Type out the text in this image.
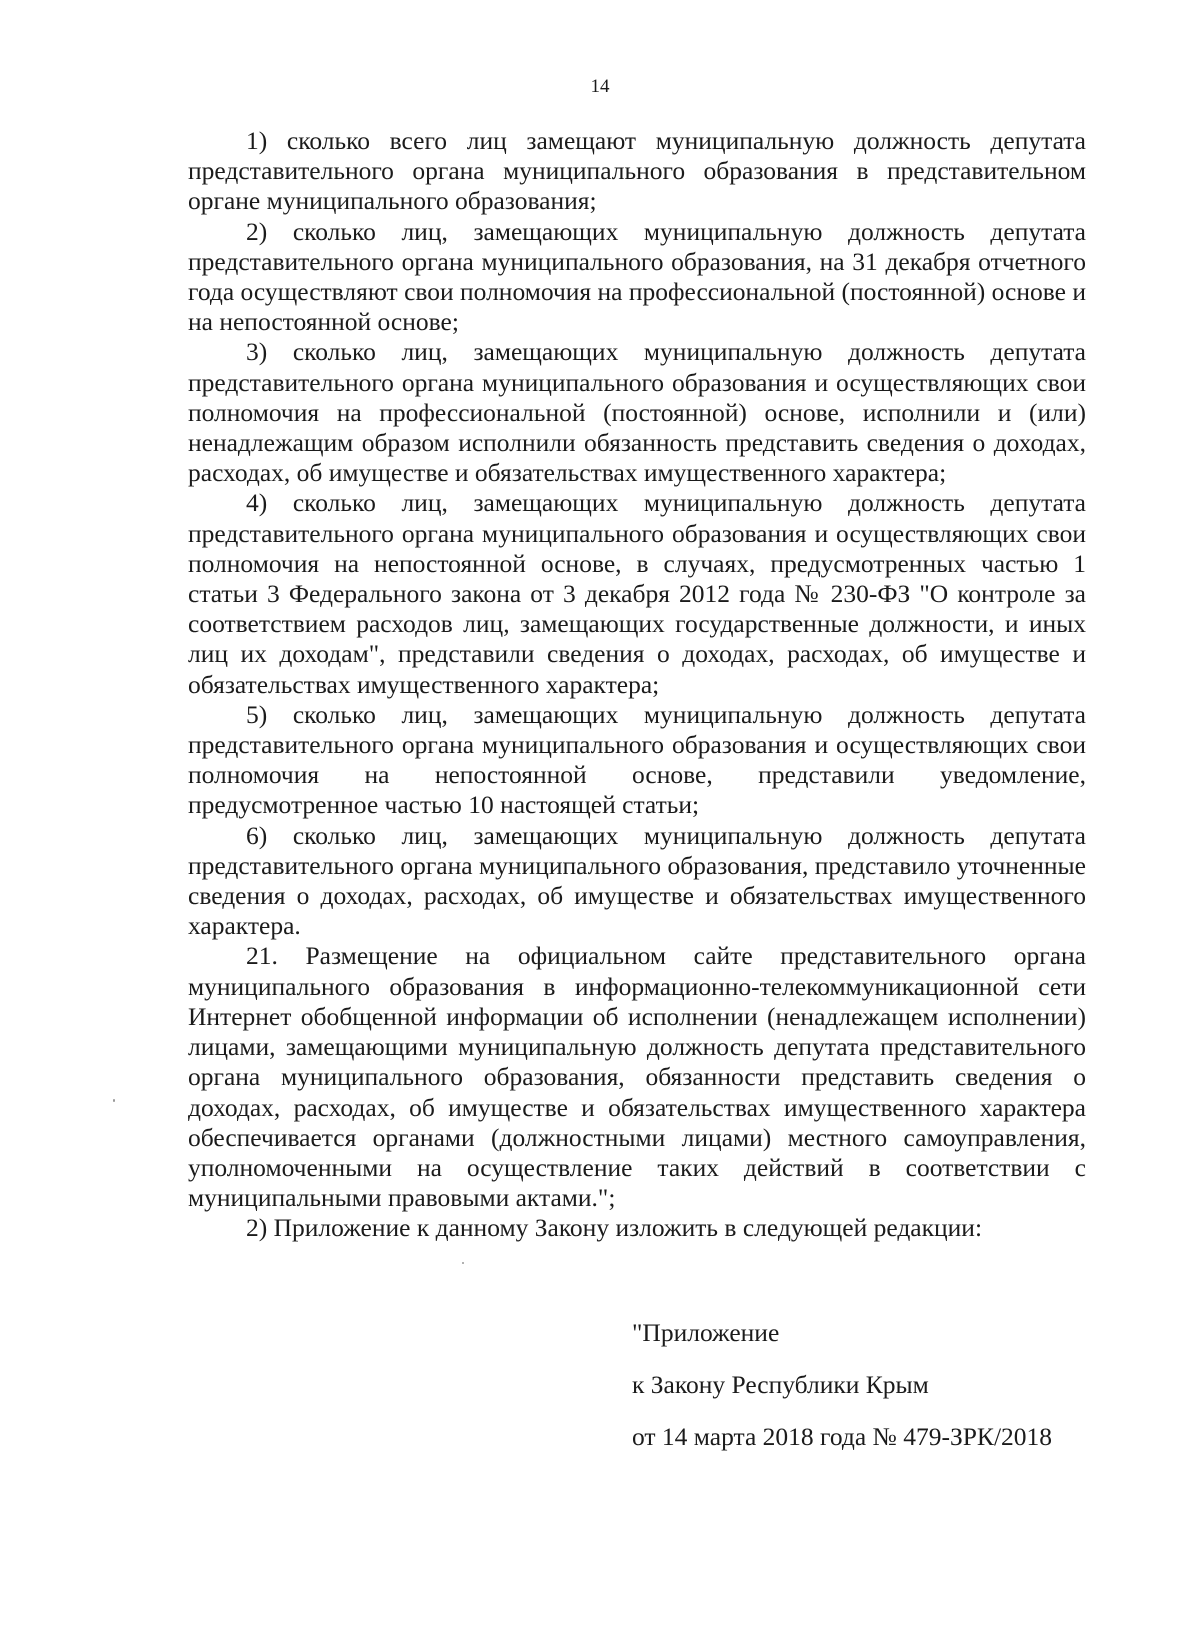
14

1) сколько всего лиц замещают муниципальную должность депутата представительного органа муниципального образования в представительном органе муниципального образования;

2) сколько лиц, замещающих муниципальную должность депутата представительного органа муниципального образования, на 31 декабря отчетного года осуществляют свои полномочия на профессиональной (постоянной) основе и на непостоянной основе;

3) сколько лиц, замещающих муниципальную должность депутата представительного органа муниципального образования и осуществляющих свои полномочия на профессиональной (постоянной) основе, исполнили и (или) ненадлежащим образом исполнили обязанность представить сведения о доходах, расходах, об имуществе и обязательствах имущественного характера;

4) сколько лиц, замещающих муниципальную должность депутата представительного органа муниципального образования и осуществляющих свои полномочия на непостоянной основе, в случаях, предусмотренных частью 1 статьи 3 Федерального закона от 3 декабря 2012 года № 230-ФЗ "О контроле за соответствием расходов лиц, замещающих государственные должности, и иных лиц их доходам", представили сведения о доходах, расходах, об имуществе и обязательствах имущественного характера;

5) сколько лиц, замещающих муниципальную должность депутата представительного органа муниципального образования и осуществляющих свои полномочия на непостоянной основе, представили уведомление, предусмотренное частью 10 настоящей статьи;

6) сколько лиц, замещающих муниципальную должность депутата представительного органа муниципального образования, представило уточненные сведения о доходах, расходах, об имуществе и обязательствах имущественного характера.

21. Размещение на официальном сайте представительного органа муниципального образования в информационно-телекоммуникационной сети Интернет обобщенной информации об исполнении (ненадлежащем исполнении) лицами, замещающими муниципальную должность депутата представительного органа муниципального образования, обязанности представить сведения о доходах, расходах, об имуществе и обязательствах имущественного характера обеспечивается органами (должностными лицами) местного самоуправления, уполномоченными на осуществление таких действий в соответствии с муниципальными правовыми актами.";

2) Приложение к данному Закону изложить в следующей редакции:

"Приложение

к Закону Республики Крым

от 14 марта 2018 года № 479-ЗРК/2018
